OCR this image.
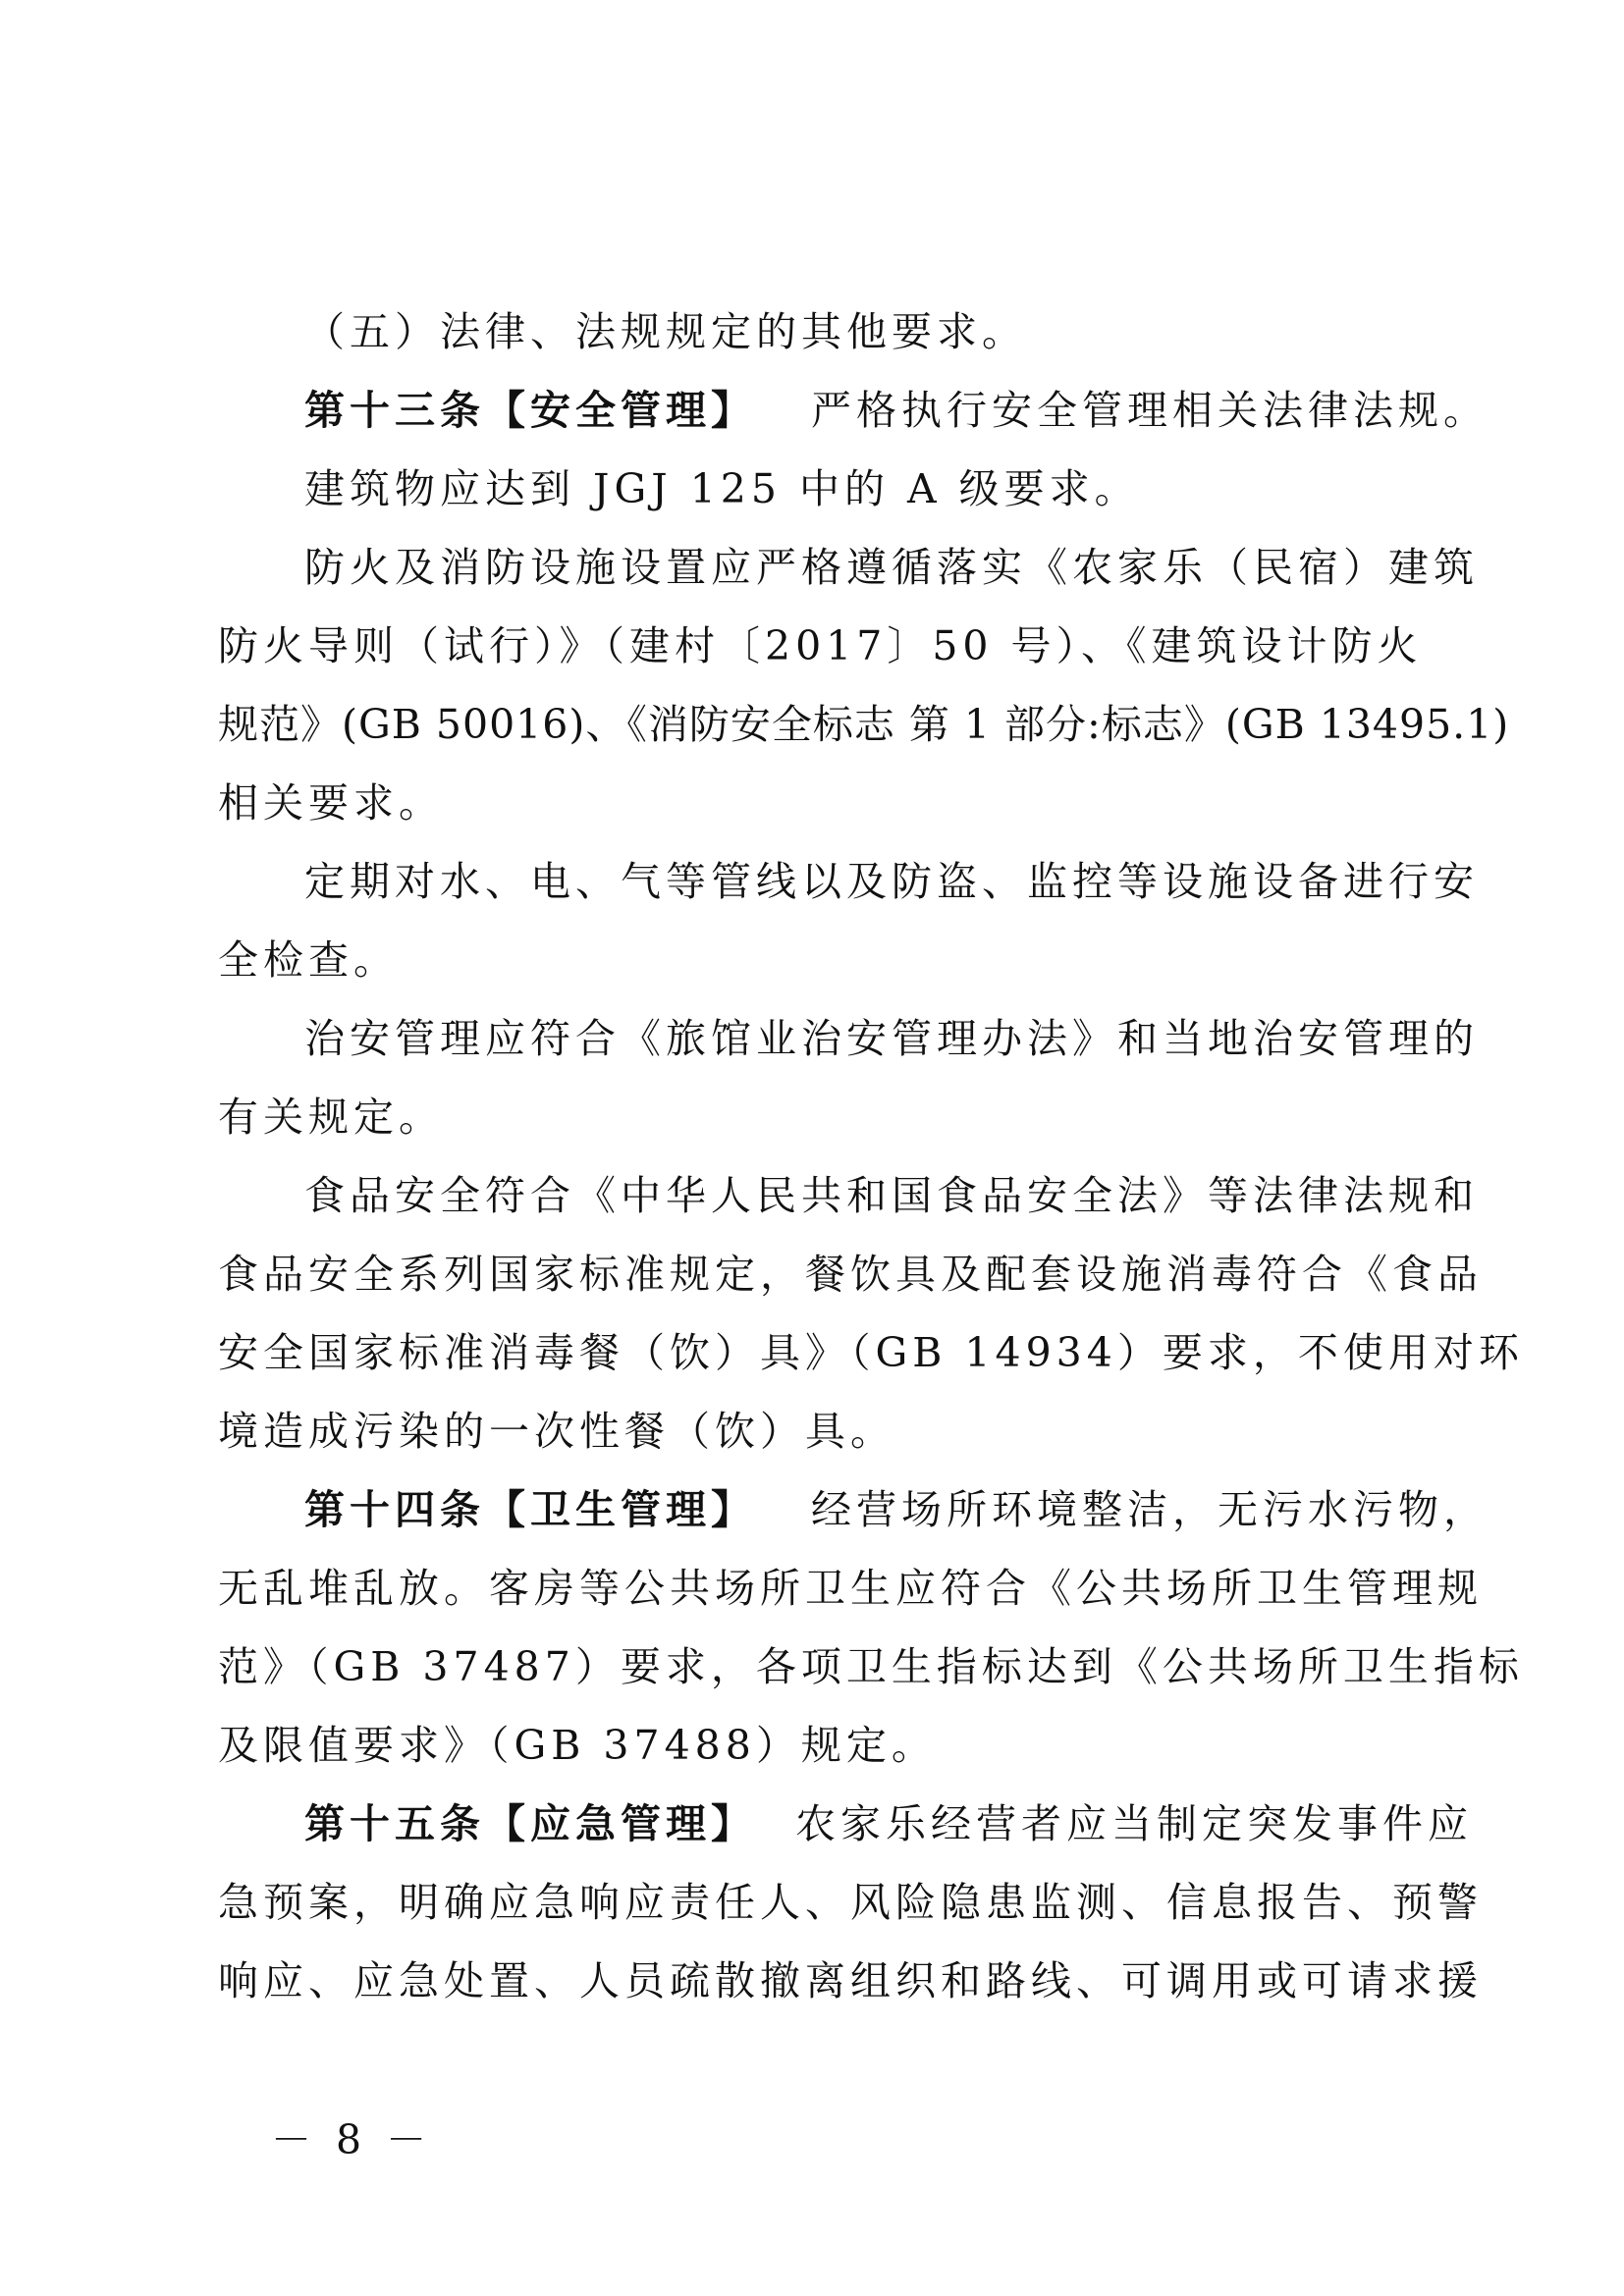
（五）法律、法规规定的其他要求。
第十三条【安全管理】 严格执行安全管理相关法律法规。
建筑物应达到 JGJ 125 中的 A 级要求。
防火及消防设施设置应严格遵循落实《农家乐（民宿）建筑
防火导则（试行）》（建村〔2017〕50 号）、《建筑设计防火
规范》(GB 50016)、《消防安全标志 第 1 部分:标志》(GB 13495.1)
相关要求。
定期对水、电、气等管线以及防盗、监控等设施设备进行安
全检查。
治安管理应符合《旅馆业治安管理办法》和当地治安管理的
有关规定。
食品安全符合《中华人民共和国食品安全法》等法律法规和
食品安全系列国家标准规定，餐饮具及配套设施消毒符合《食品
安全国家标准消毒餐（饮）具》（GB 14934）要求，不使用对环
境造成污染的一次性餐（饮）具。
第十四条【卫生管理】 经营场所环境整洁，无污水污物，
无乱堆乱放。客房等公共场所卫生应符合《公共场所卫生管理规
范》（GB 37487）要求，各项卫生指标达到《公共场所卫生指标
及限值要求》（GB 37488）规定。
第十五条【应急管理】 农家乐经营者应当制定突发事件应
急预案，明确应急响应责任人、风险隐患监测、信息报告、预警
响应、应急处置、人员疏散撤离组织和路线、可调用或可请求援
－ 8 －
